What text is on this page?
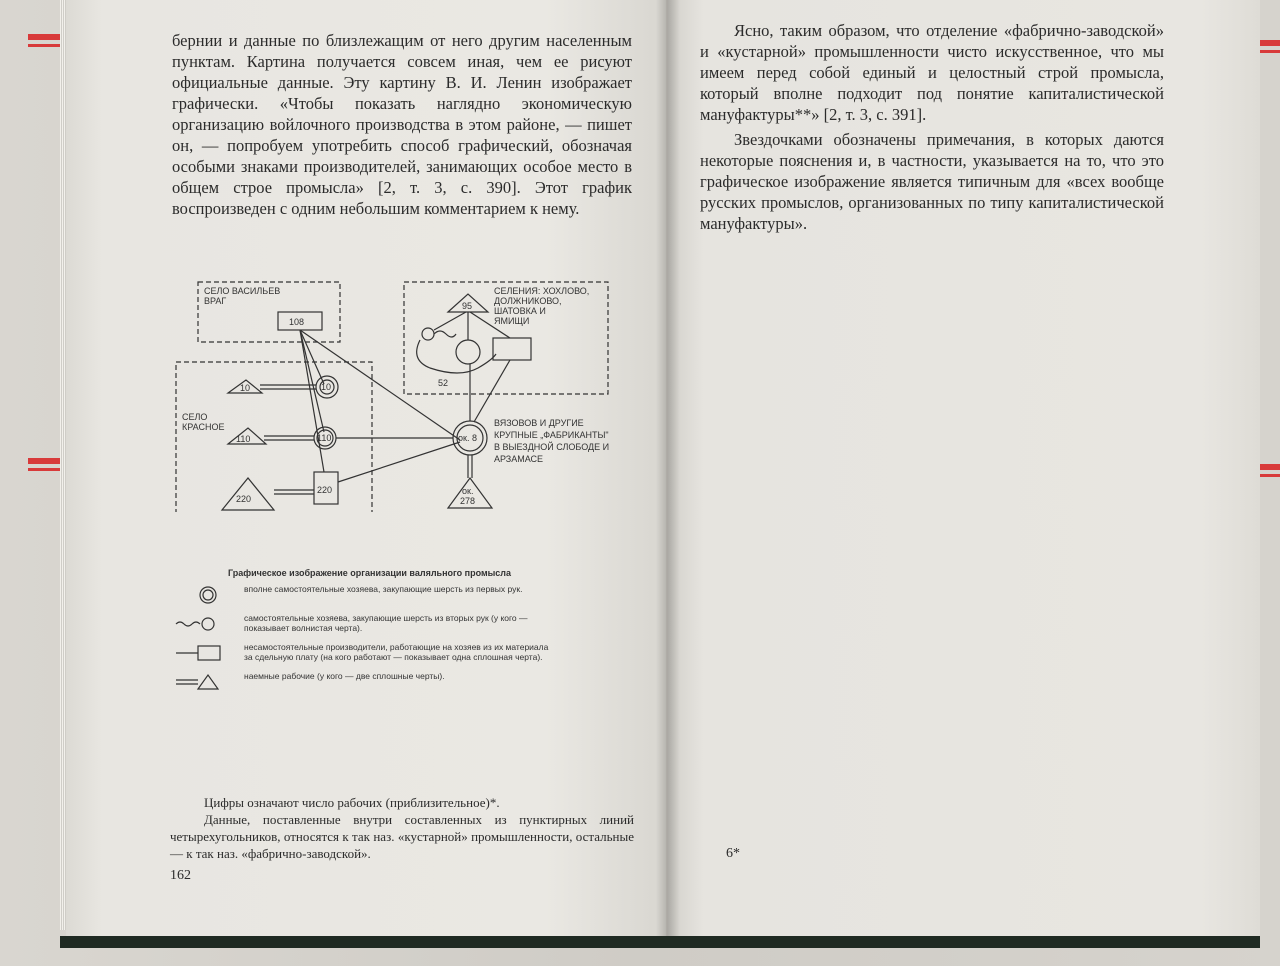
бернии и данные по близлежащим от него другим населенным пунктам. Картина получается совсем иная, чем ее рисуют официальные данные. Эту картину В. И. Ленин изображает графически. «Чтобы показать наглядно экономическую организацию войлочного производства в этом районе, — пишет он, — попробуем употребить способ графический, обозначая особыми знаками производителей, занимающих особое место в общем строе промысла» [2, т. 3, с. 390]. Этот график воспроизведен с одним небольшим комментарием к нему.

СЕЛО ВАСИЛЬЕВ
ВРАГ
СЕЛЕНИЯ: ХОХЛОВО,
ДОЛЖНИКОВО,
ШАТОВКА И
ЯМИЩИ
СЕЛО
КРАСНОЕ	ВЯЗОВОВ И ДРУГИЕ
КРУПНЫЕ „ФАБРИКАНТЫ"
В ВЫЕЗДНОЙ СЛОБОДЕ И
АРЗАМАСЕ
108
95
52
10	10
110	110
220
220
ок. 8
ок.
278
Графическое изображение организации валяльного промысла
вполне самостоятельные хозяева, закупающие шерсть из первых рук.
самостоятельные хозяева, закупающие шерсть из вторых рук (у кого — показывает волнистая черта).
несамостоятельные производители, работающие на хозяев из их материала за сдельную плату (на кого работают — показывает одна сплошная черта).
наемные рабочие (у кого — две сплошные черты).

Цифры означают число рабочих (приблизительное)*.

Данные, поставленные внутри составленных из пунктирных линий четырехугольников, относятся к так наз. «кустарной» промышленности, остальные — к так наз. «фабрично-заводской».

162

Ясно, таким образом, что отделение «фабрично-заводской» и «кустарной» промышленности чисто искусственное, что мы имеем перед собой единый и целостный строй промысла, который вполне подходит под понятие капиталистической мануфактуры**» [2, т. 3, с. 391].

Звездочками обозначены примечания, в которых даются некоторые пояснения и, в частности, указывается на то, что это графическое изображение является типичным для «всех вообще русских промыслов, организованных по типу капиталистической мануфактуры».

6*
